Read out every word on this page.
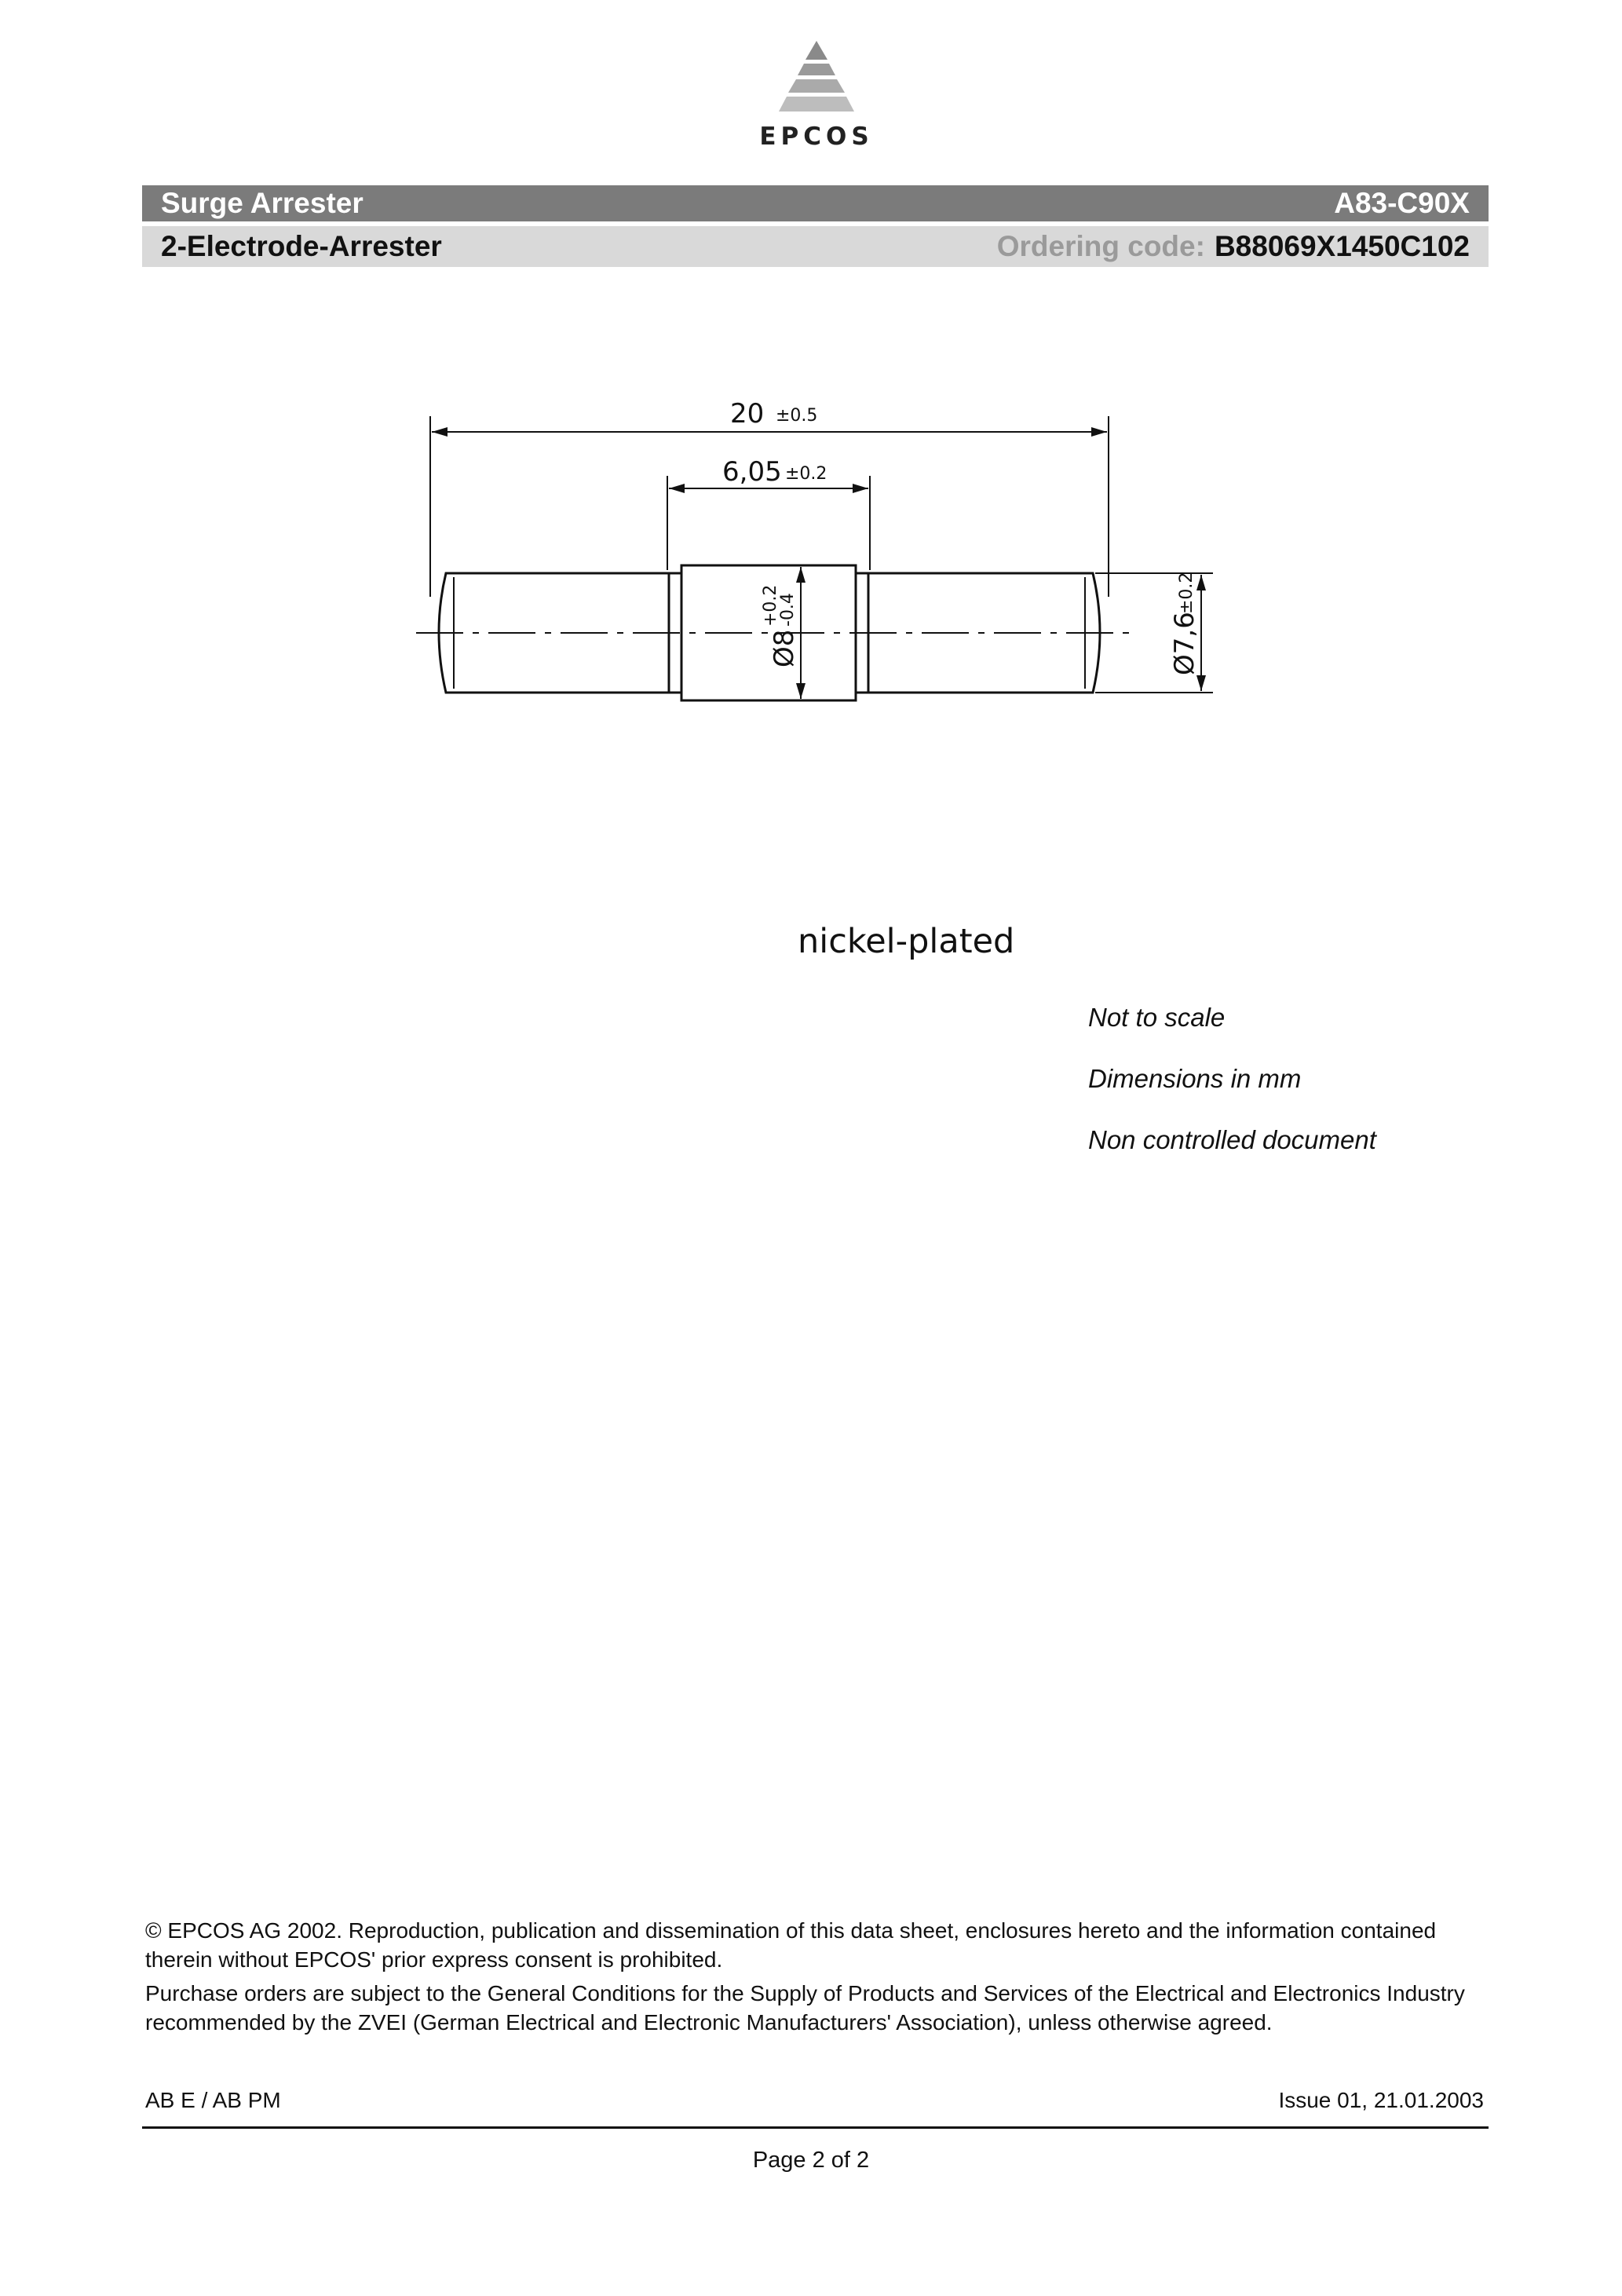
EPCOS
Surge Arrester	A83-C90X
2-Electrode-Arrester	Ordering code: B88069X1450C102
20 ±0.5
6,05 ±0.2
Ø8
+0.2
-0.4
Ø7,6
±0.2
nickel-plated
Not to scale
Dimensions in mm
Non controlled document

© EPCOS AG 2002. Reproduction, publication and dissemination of this data sheet, enclosures hereto and the information contained therein without EPCOS' prior express consent is prohibited.

Purchase orders are subject to the General Conditions for the Supply of Products and Services of the Electrical and Electronics Industry recommended by the ZVEI (German Electrical and Electronic Manufacturers' Association), unless otherwise agreed.

AB E / AB PM	Issue 01, 21.01.2003
Page 2 of 2
